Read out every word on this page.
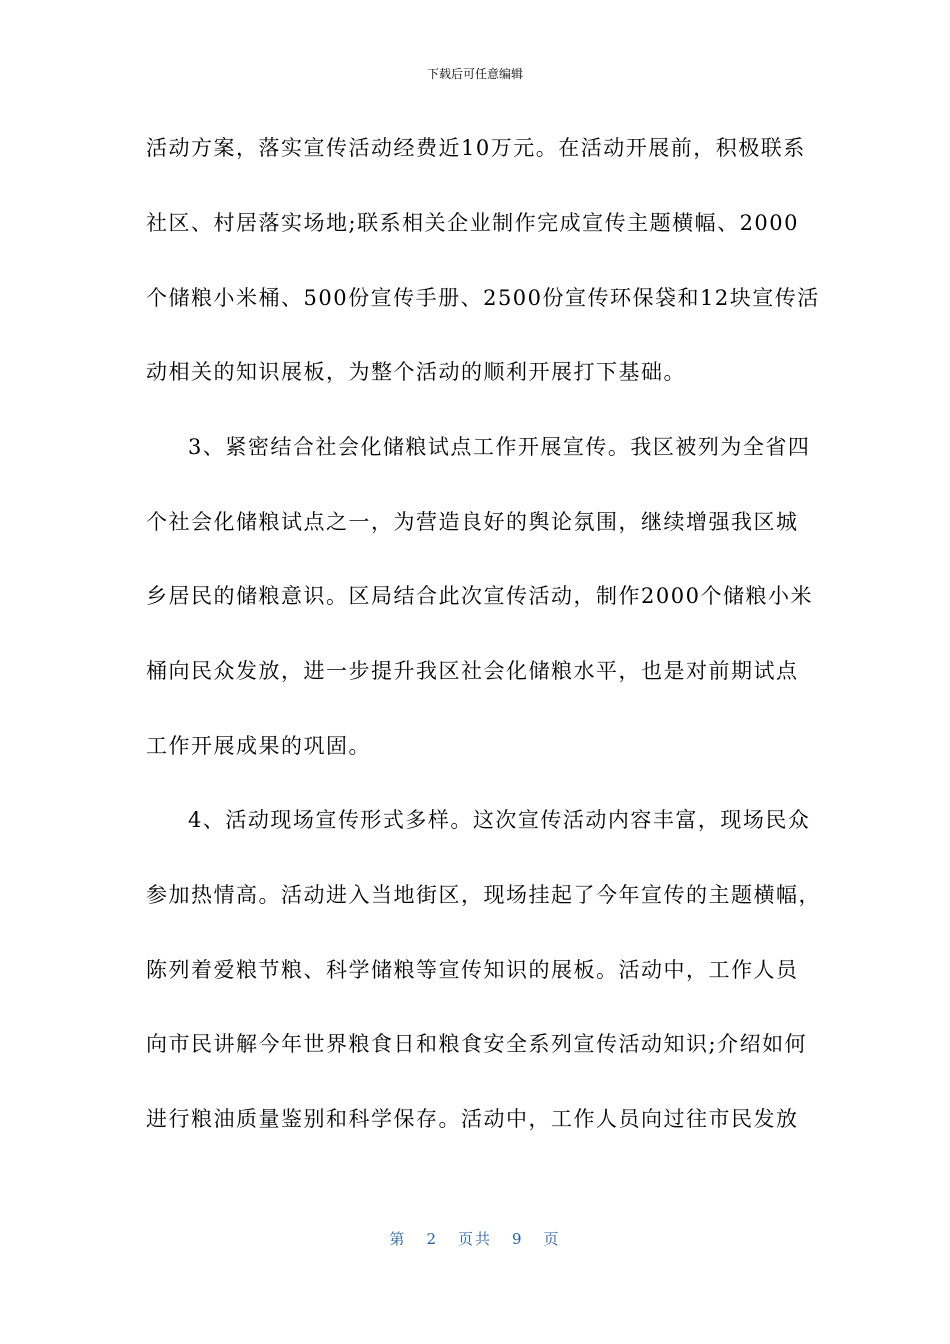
下载后可任意编辑
活动方案，落实宣传活动经费近10万元。在活动开展前，积极联系
社区、村居落实场地;联系相关企业制作完成宣传主题横幅、2000
个储粮小米桶、500份宣传手册、2500份宣传环保袋和12块宣传活
动相关的知识展板，为整个活动的顺利开展打下基础。
3、紧密结合社会化储粮试点工作开展宣传。我区被列为全省四
个社会化储粮试点之一，为营造良好的舆论氛围，继续增强我区城
乡居民的储粮意识。区局结合此次宣传活动，制作2000个储粮小米
桶向民众发放，进一步提升我区社会化储粮水平，也是对前期试点
工作开展成果的巩固。
4、活动现场宣传形式多样。这次宣传活动内容丰富，现场民众
参加热情高。活动进入当地街区，现场挂起了今年宣传的主题横幅，
陈列着爱粮节粮、科学储粮等宣传知识的展板。活动中，工作人员
向市民讲解今年世界粮食日和粮食安全系列宣传活动知识;介绍如何
进行粮油质量鉴别和科学保存。活动中，工作人员向过往市民发放
第 2 页共 9 页
